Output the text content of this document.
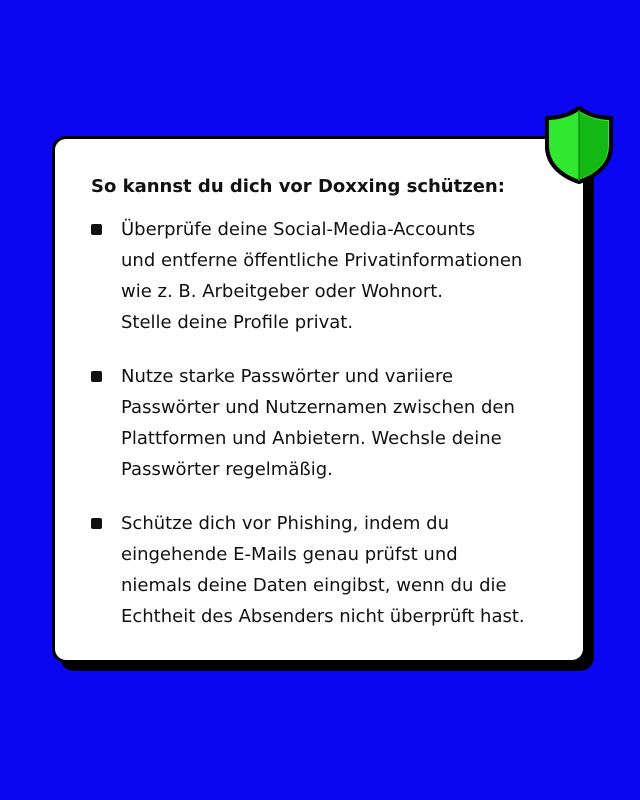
So kannst du dich vor Doxxing schützen:
Überprüfe deine Social-Media-Accounts
und entferne öffentliche Privatinformationen
wie z. B. Arbeitgeber oder Wohnort.
Stelle deine Profile privat.
Nutze starke Passwörter und variiere
Passwörter und Nutzernamen zwischen den
Plattformen und Anbietern. Wechsle deine
Passwörter regelmäßig.
Schütze dich vor Phishing, indem du
eingehende E-Mails genau prüfst und
niemals deine Daten eingibst, wenn du die
Echtheit des Absenders nicht überprüft hast.
